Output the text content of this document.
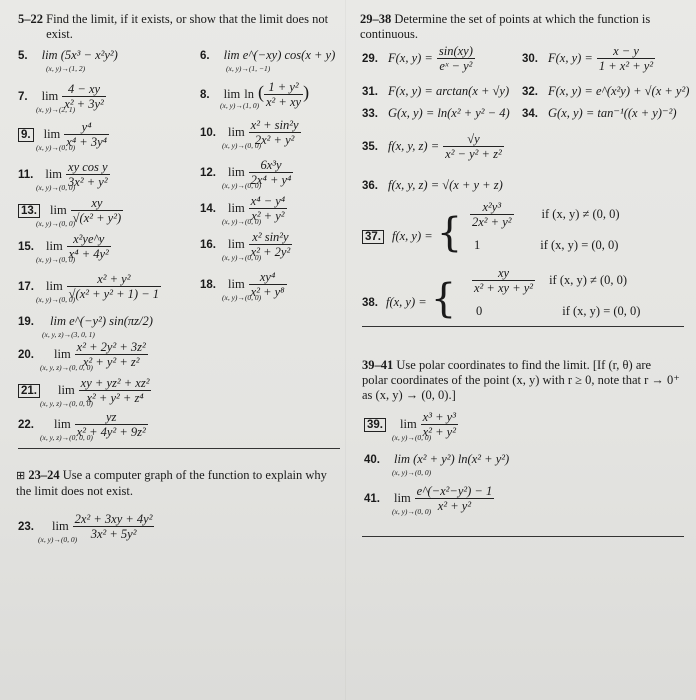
5–22 Find the limit, if it exists, or show that the limit does not exist.
5. lim (5x³ − x²y²)
(x, y)→(1, 2)
6. lim e^(−xy) cos(x + y)
(x, y)→(1, −1)
7. $\lim \frac{4 - xy}{\text{x² + 3y²}}$
(x, y)→(2, 1)
8. lim ln ( $\frac{\text{1 + y²}}{\text{x² + xy}}$ )
(x, y)→(1, 0)
9. $\lim \frac{\text{y⁴}}{\text{x⁴ + 3y⁴}}$
(x, y)→(0, 0)
10. $\lim \frac{\text{x² + sin²y}}{\text{2x² + y²}}$
(x, y)→(0, 0)
11. $\lim \frac{\text{xy cos y}}{\text{3x² + y²}}$
(x, y)→(0, 0)
12. $\lim \frac{\text{6x³y}}{\text{2x⁴ + y⁴}}$
(x, y)→(0, 0)
13. $\lim \frac{xy}{\text{√(x² + y²)}}$
(x, y)→(0, 0)
14. $\lim \frac{\text{x⁴ − y⁴}}{\text{x² + y²}}$
(x, y)→(0, 0)
15. $\lim \frac{\text{x²ye\textasciicircum{}y}}{\text{x⁴ + 4y²}}$
(x, y)→(0, 0)
16. $\lim \frac{\text{x² sin²y}}{\text{x² + 2y²}}$
(x, y)→(0, 0)
17. $\lim \frac{\text{x² + y²}}{\text{√(x² + y² + 1) − 1}}$
(x, y)→(0, 0)
18. $\lim \frac{\text{xy⁴}}{\text{x² + y⁸}}$
(x, y)→(0, 0)
19. lim e^(−y²) sin(πz/2)
(x, y, z)→(3, 0, 1)
20. $\lim \frac{\text{x² + 2y² + 3z²}}{\text{x² + y² + z²}}$
(x, y, z)→(0, 0, 0)
21. $\lim \frac{\text{xy + yz² + xz²}}{\text{x² + y² + z⁴}}$
(x, y, z)→(0, 0, 0)
22. $\lim \frac{yz}{\text{x² + 4y² + 9z²}}$
(x, y, z)→(0, 0, 0)
⊞ 23–24 Use a computer graph of the function to explain why the limit does not exist.
23. $\lim \frac{\text{2x² + 3xy + 4y²}}{\text{3x² + 5y²}}$
(x, y)→(0, 0)
29–38 Determine the set of points at which the function is continuous.
29. F(x, $y) = \frac{\sin(xy)}{\text{eˣ − y²}}$	30. F(x, $y) = \frac{x - y}{\text{1 + x² + y²}}$
31. F(x, y) = arctan(x + √y) 32. F(x, y) = e^(x²y) + √(x + y²)
33. G(x, y) = ln(x² + y² − 4) 34. G(x, y) = tan⁻¹((x + y)⁻²)
35. f(x, y, $z) = \frac{√y}{\text{x² − y² + z²}}$
36. f(x, y, z) = √(x + y + z)
37. f(x, y) = { $\frac{\text{x²y³}}{\text{2x² + y²}}$ if (x, y) ≠ (0, 0)
1	if (x, y) = (0, 0)
38. f(x, y) = { $\frac{xy}{\text{x² + xy + y²}}$ if (x, y) ≠ (0, 0)
0	if (x, y) = (0, 0)
39–41 Use polar coordinates to find the limit. [If (r, θ) are
polar coordinates of the point (x, y) with r ≥ 0, note that r → 0⁺
as (x, y) → (0, 0).]
39. $\lim \frac{\text{x³ + y³}}{\text{x² + y²}}$
(x, y)→(0, 0)
40. lim (x² + y²) ln(x² + y²)
(x, y)→(0, 0)
41. $\lim \frac{\text{e\textasciicircum{}(−x²−y²) − 1}}{\text{x² + y²}}$
(x, y)→(0, 0)
